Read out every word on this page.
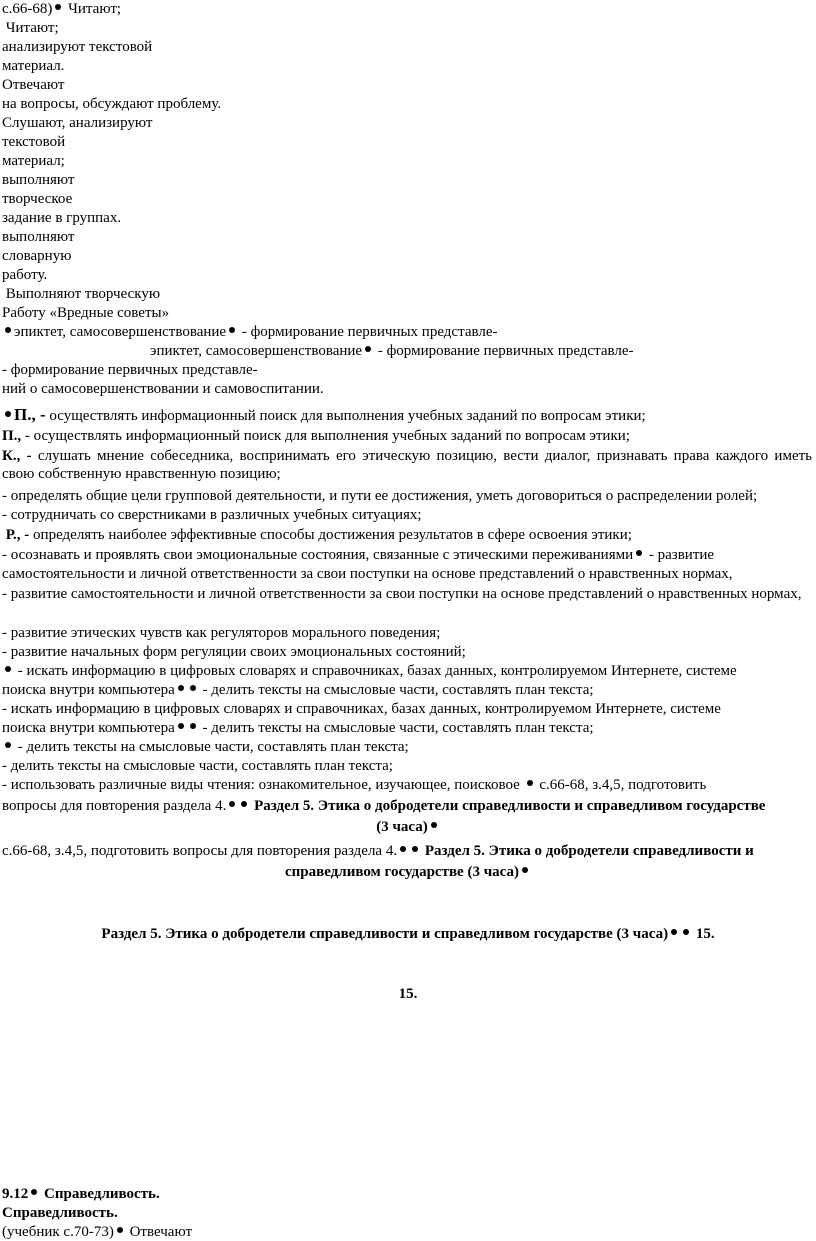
с.66-68) Читают;
Читают;
анализируют текстовой
материал.
Отвечают
на вопросы, обсуждают проблему.
Слушают, анализируют
текстовой
материал;
выполняют
творческое
задание в группах.
выполняют
словарную
работу.
Выполняют творческую
Работу «Вредные советы»
эпиктет, самосовершенствование - формирование первичных представле-
эпиктет, самосовершенствование - формирование первичных представле-
- формирование первичных представле-
ний о самосовершенствовании и самовоспитании.
П., - осуществлять информационный поиск для выполнения учебных заданий по вопросам этики;
П., - осуществлять информационный поиск для выполнения учебных заданий по вопросам этики;
К., - слушать мнение собеседника, воспринимать его этическую позицию, вести диалог, признавать права каждого иметь свою собственную нравственную позицию;
- определять общие цели групповой деятельности, и пути ее достижения, уметь договориться о распределении ролей;
- сотрудничать со сверстниками в различных учебных ситуациях;
Р., - определять наиболее эффективные способы достижения результатов в сфере освоения этики;
- осознавать и проявлять свои эмоциональные состояния, связанные с этическими переживаниями - развитие
самостоятельности и личной ответственности за свои поступки на основе представлений о нравственных нормах,
- развитие самостоятельности и личной ответственности за свои поступки на основе представлений о нравственных нормах,
- развитие этических чувств как регуляторов морального поведения;
- развитие начальных форм регуляции своих эмоциональных состояний;
- искать информацию в цифровых словарях и справочниках, базах данных, контролируемом Интернете, системе
поиска внутри компьютера - делить тексты на смысловые части, составлять план текста;
- искать информацию в цифровых словарях и справочниках, базах данных, контролируемом Интернете, системе
поиска внутри компьютера - делить тексты на смысловые части, составлять план текста;
- делить тексты на смысловые части, составлять план текста;
- делить тексты на смысловые части, составлять план текста;
- использовать различные виды чтения: ознакомительное, изучающее, поисковое с.66-68, з.4,5, подготовить
вопросы для повторения раздела 4. Раздел 5. Этика о добродетели справедливости и справедливом государстве
(3 часа)
с.66-68, з.4,5, подготовить вопросы для повторения раздела 4. Раздел 5. Этика о добродетели справедливости и
справедливом государстве (3 часа)
Раздел 5. Этика о добродетели справедливости и справедливом государстве (3 часа) 15.
15.
9.12 Справедливость.
Справедливость.
(учебник с.70-73) Отвечают
